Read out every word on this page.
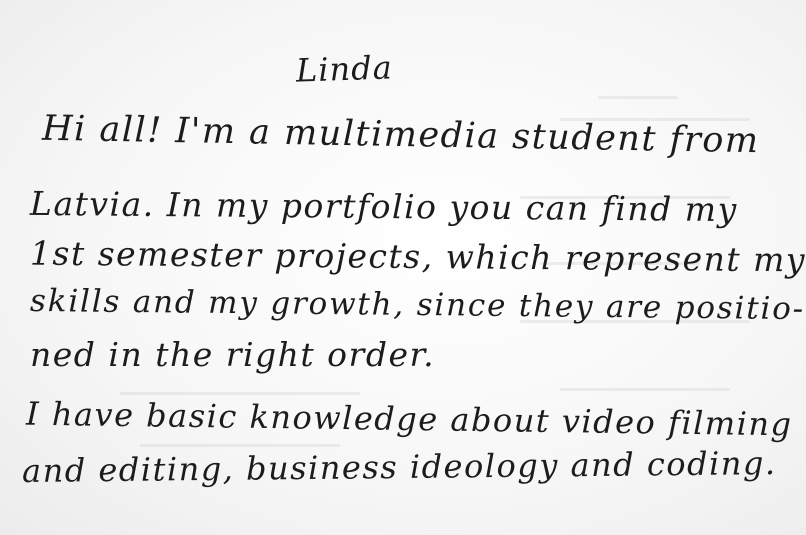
Linda
Hi all! I'm a multimedia student from
Latvia. In my portfolio you can find my
1st semester projects, which represent my
skills and my growth, since they are positio-
ned in the right order.
I have basic knowledge about video filming
and editing, business ideology and coding.
